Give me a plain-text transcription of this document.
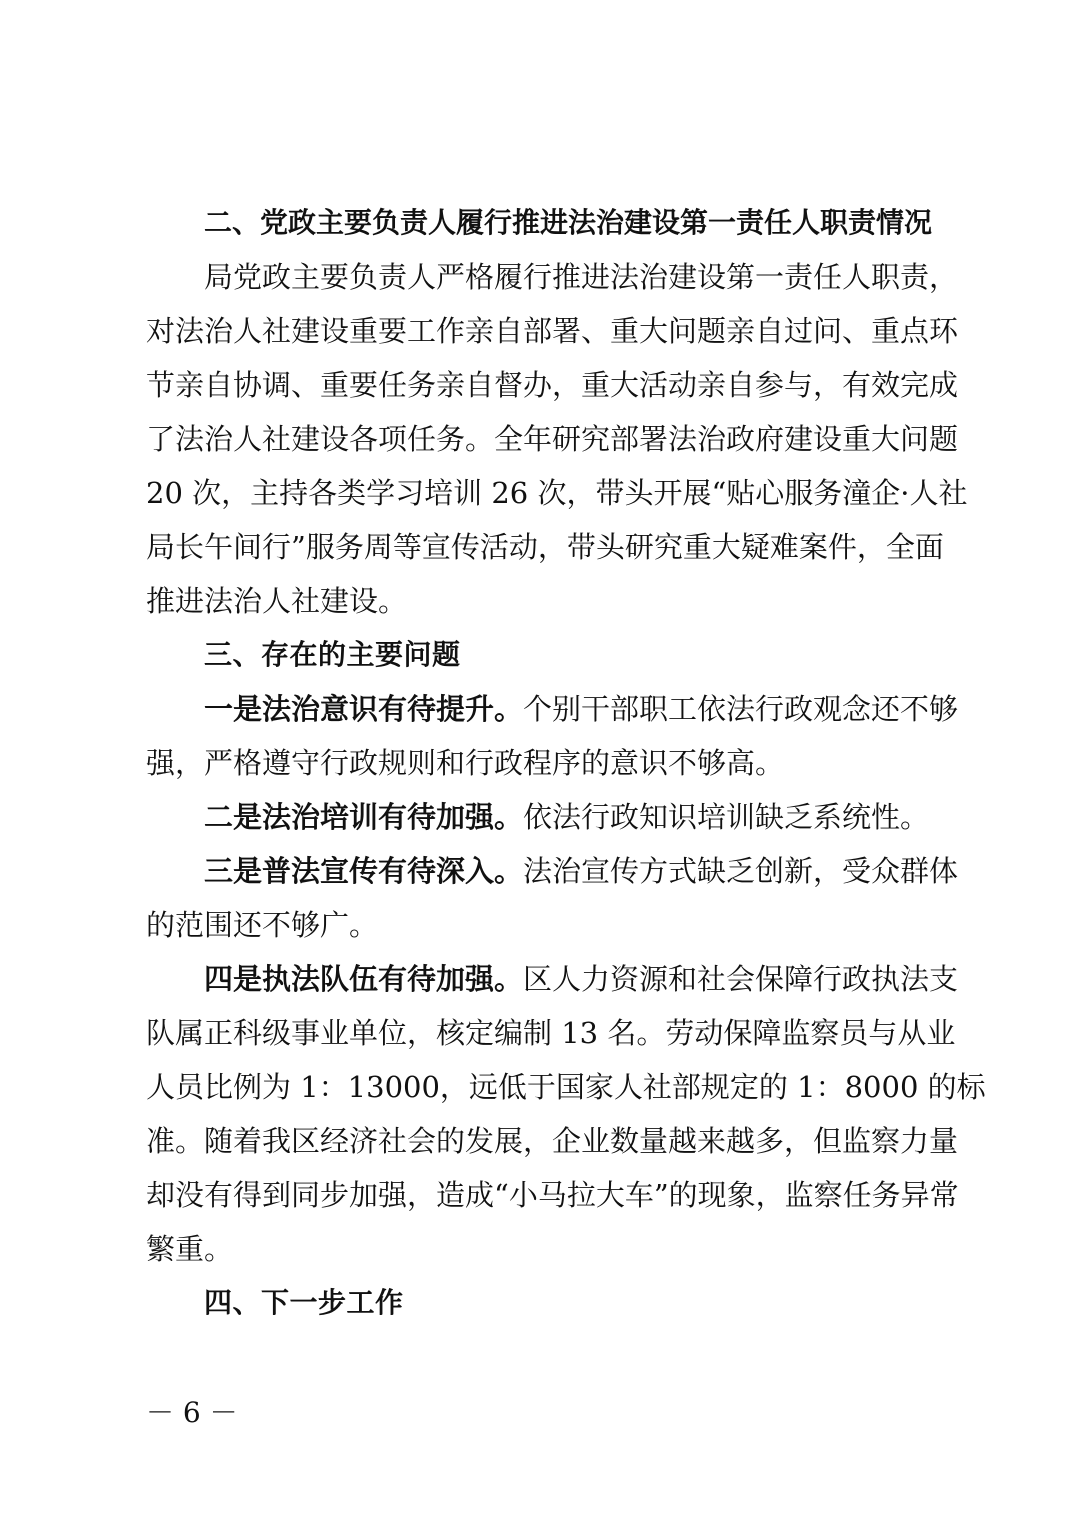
二、党政主要负责人履行推进法治建设第一责任人职责情况
局党政主要负责人严格履行推进法治建设第一责任人职责，
对法治人社建设重要工作亲自部署、重大问题亲自过问、重点环
节亲自协调、重要任务亲自督办，重大活动亲自参与，有效完成
了法治人社建设各项任务。全年研究部署法治政府建设重大问题
20 次，主持各类学习培训 26 次，带头开展“贴心服务潼企·人社
局长午间行”服务周等宣传活动，带头研究重大疑难案件，全面
推进法治人社建设。
三、存在的主要问题
一是法治意识有待提升。个别干部职工依法行政观念还不够
强，严格遵守行政规则和行政程序的意识不够高。
二是法治培训有待加强。依法行政知识培训缺乏系统性。
三是普法宣传有待深入。法治宣传方式缺乏创新，受众群体
的范围还不够广。
四是执法队伍有待加强。区人力资源和社会保障行政执法支
队属正科级事业单位，核定编制 13 名。劳动保障监察员与从业
人员比例为 1：13000，远低于国家人社部规定的 1：8000 的标
准。随着我区经济社会的发展，企业数量越来越多，但监察力量
却没有得到同步加强，造成“小马拉大车”的现象，监察任务异常
繁重。
四、下一步工作
－ 6 －
